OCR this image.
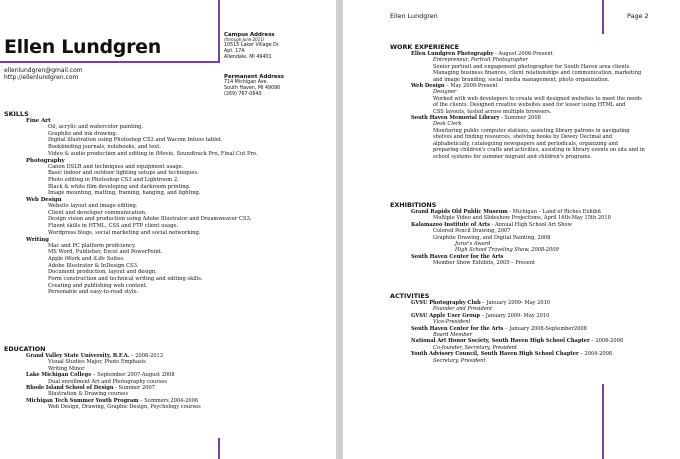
Ellen Lundgren
ellenlundgren@gmail.com
http://ellenlundgren.com
Campus Address
(through June 2011)
10515 Laker Village Dr.
Apt. 17A
Allendale, MI 49401
Permanent Address
714 Michigan Ave.
South Haven, MI 49090
(269) 767-0640
SKILLS
Fine Art
Oil, acrylic and watercolor painting.
Graphite and ink drawing.
Digital illustration using Photoshop CS3 and Wacom Intuos tablet.
Bookbinding journals, notebooks, and text.
Video & audio production and editing in iMovie, Soundtrack Pro, Final Cut Pro.
Photography
Canon DSLR and techniques and equipment usage.
Basic indoor and outdoor lighting setups and techniques.
Photo editing in Photoshop CS3 and Lightroom 2.
Black & white film developing and darkroom printing.
Image mounting, matting, framing, hanging, and lighting.
Web Design
Website layout and image editing.
Client and developer communication.
Design vision and production using Adobe Illustrator and Dreamweaver CS3.
Fluent skills in HTML, CSS and FTP client usage.
Wordpress blogs, social marketing and social networking.
Writing
Mac and PC platform proficiency.
MS Word, Publisher, Excel and PowerPoint.
Apple iWork and iLife Suites.
Adobe Illustrator & InDesign CS3.
Document production, layout and design.
Form construction and technical writing and editing skills.
Creating and publishing web content.
Personable and easy-to-read style.
EDUCATION
Grand Valley State University, B.F.A. – 2008-2013
Visual Studies Major, Photo Emphasis
Writing Minor
Lake Michigan College – September 2007-August 2008
Dual enrollment Art and Photography courses
Rhode Island School of Design - Summer 2007
Illustration & Drawing courses
Michigan Tech Summer Youth Program – Summers 2004-2006
Web Design, Drawing, Graphic Design, Psychology courses
Ellen Lundgren	Page 2
WORK EXPERIENCE
Ellen Lundgren Photography - August 2006-Present
Entrepreneur, Portrait Photographer
Senior portrait and engagement photographer for South Haven area clients.
Managing business finances, client relationships and communication, marketing
and image branding, social media management, photo organization.
Web Design – May 2009-Present
Designer
Worked with web developers to create well designed websites to meet the needs
of the clients. Designed creative websites used for lesser using HTML and
CSS layouts, tested across multiple browsers.
South Haven Memorial Library - Summer 2008
Desk Clerk
Monitoring public computer stations, assisting library patrons in navigating
shelves and finding resources, shelving books by Dewey Decimal and
alphabetically, cataloguing newspapers and periodicals, organizing and
preparing children's crafts and activities, assisting in library events on site and in
school systems for summer migrant and children's programs.
EXHIBITIONS
Grand Rapids Old Public Museum - Michigan – Land of Riches Exhibit
Multiple Video and Slideshow Projections, April 16th-May 15th 2010
Kalamazoo Institute of Arts - Annual High School Art Show
Colored Pencil Drawing, 2007
Graphite Drawing, and Digital Painting, 2008
Juror's Award
High School Traveling Show, 2008-2009
South Haven Center for the Arts
Member Show Exhibits, 2005 – Present
ACTIVITIES
GVSU Photography Club – January 2009- May 2010
Founder and President
GVSU Apple User Group – January 2009- May 2010
Vice-President
South Haven Center for the Arts – January 2008-September2008
Board Member
National Art Honor Society, South Haven High School Chapter – 2006-2008
Co-founder, Secretary, President
Youth Advisory Council, South Haven High School Chapter – 2004-2008
Secretary, President
